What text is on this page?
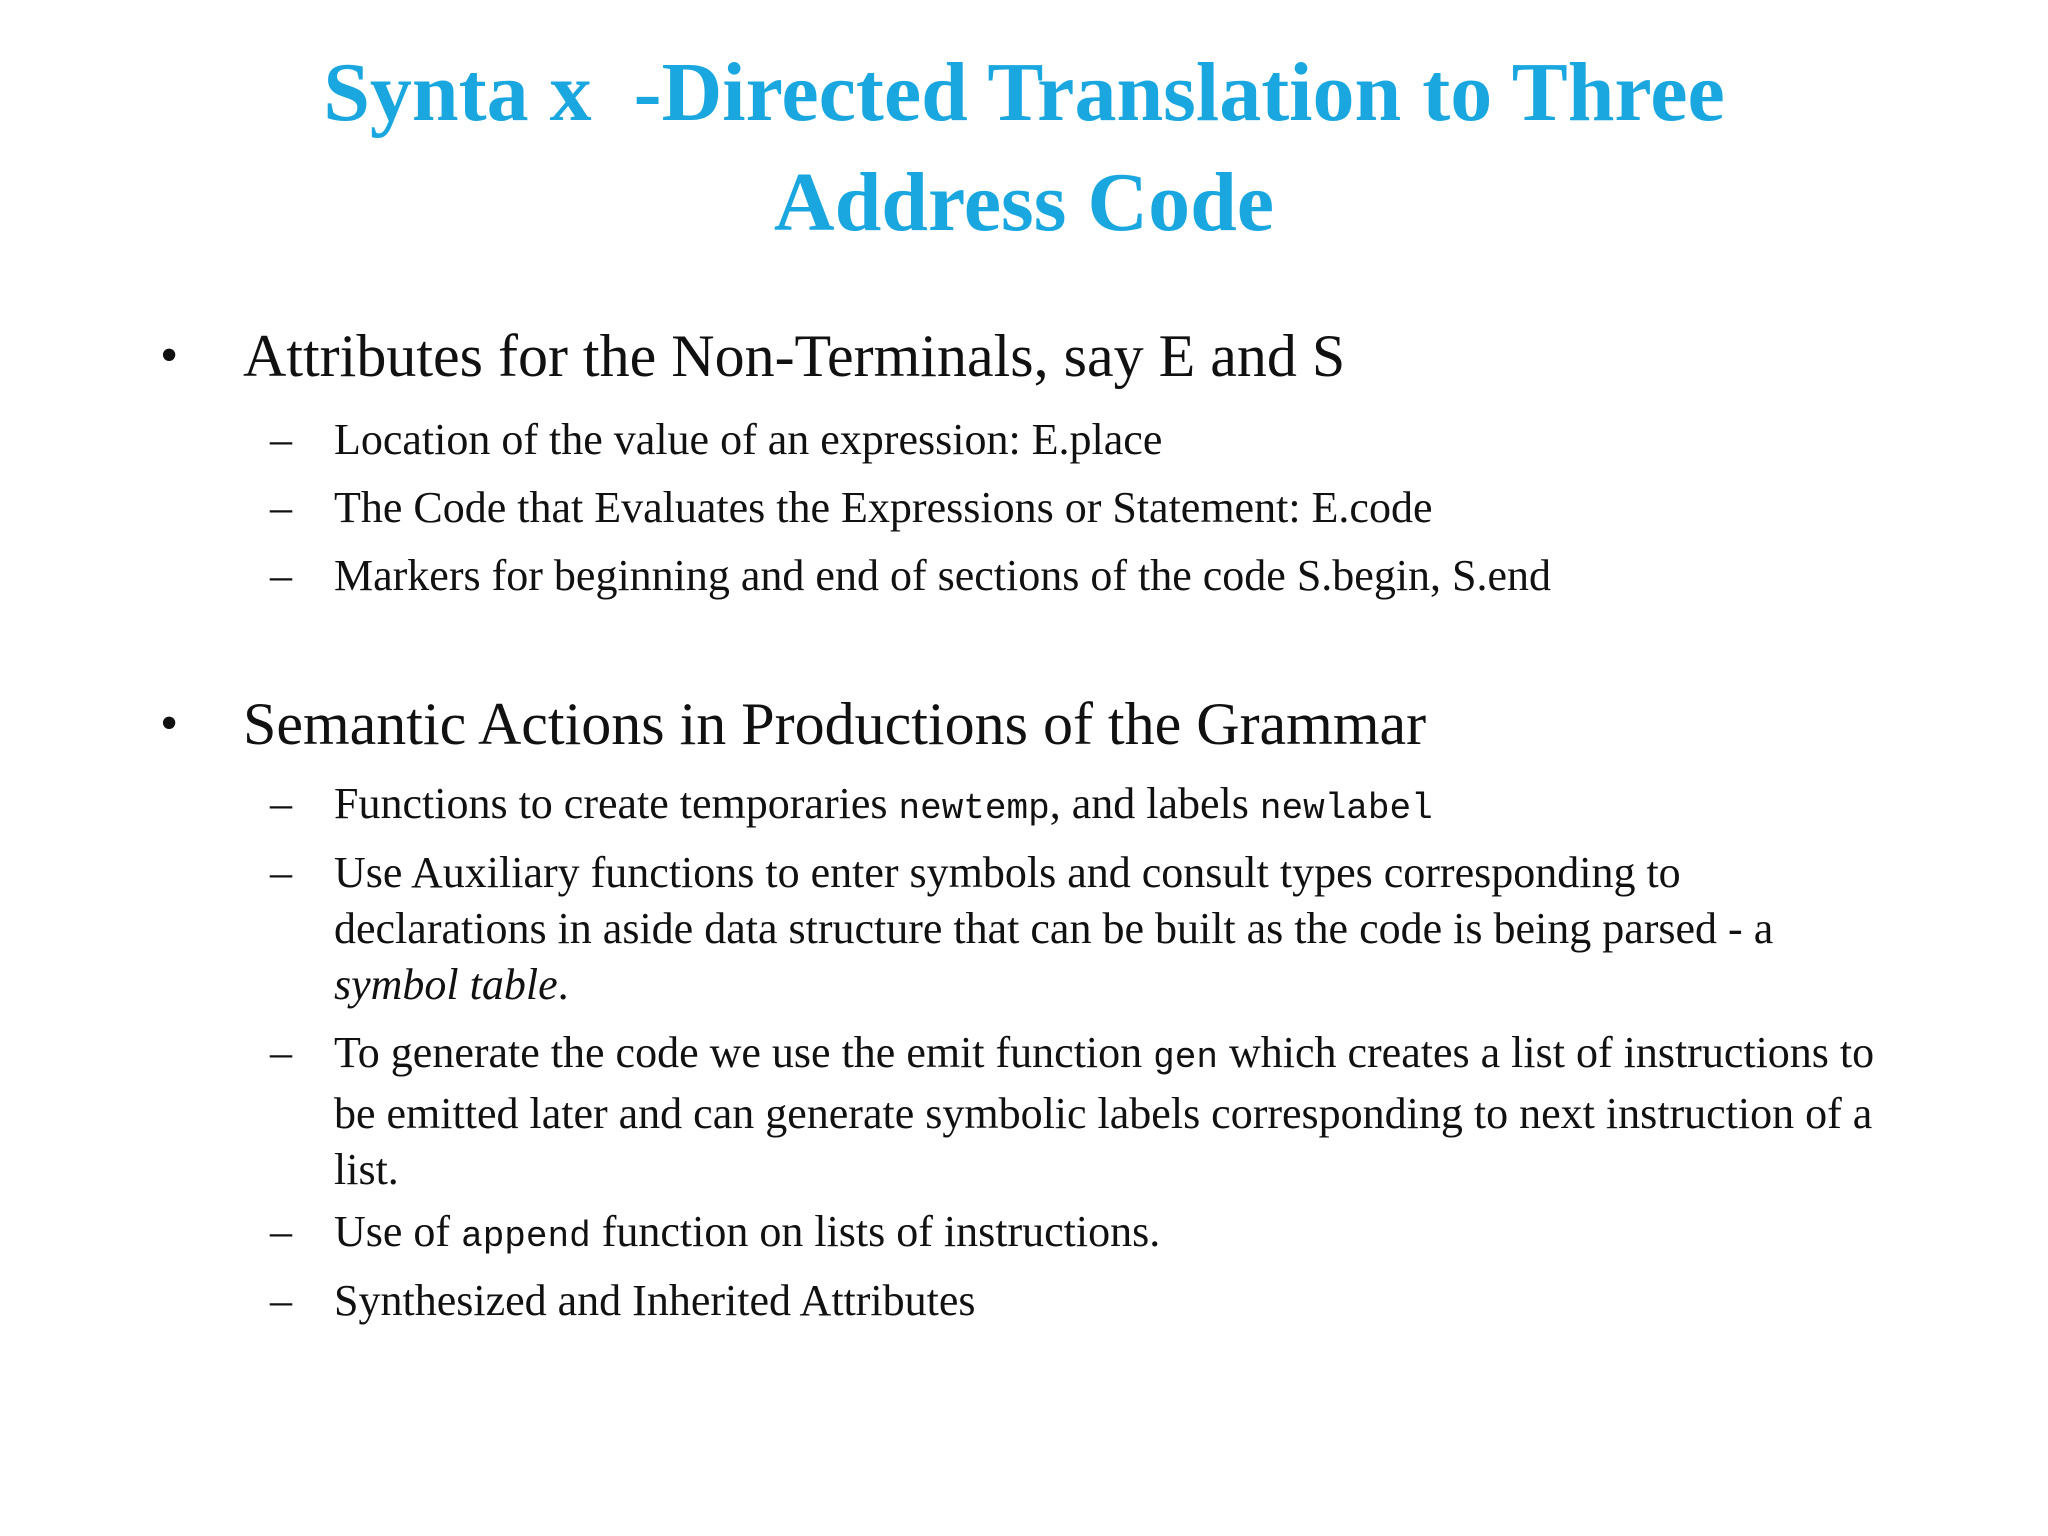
Synta x  -Directed Translation to Three
Address Code
• Attributes for the Non-Terminals, say E and S
– Location of the value of an expression: E.place
– The Code that Evaluates the Expressions or Statement: E.code
– Markers for beginning and end of sections of the code S.begin, S.end
• Semantic Actions in Productions of the Grammar
– Functions to create temporaries newtemp, and labels newlabel
– Use Auxiliary functions to enter symbols and consult types corresponding to declarations in aside data structure that can be built as the code is being parsed - a symbol table.
– To generate the code we use the emit function gen which creates a list of instructions to be emitted later and can generate symbolic labels corresponding to next instruction of a list.
– Use of append function on lists of instructions.
– Synthesized and Inherited Attributes
